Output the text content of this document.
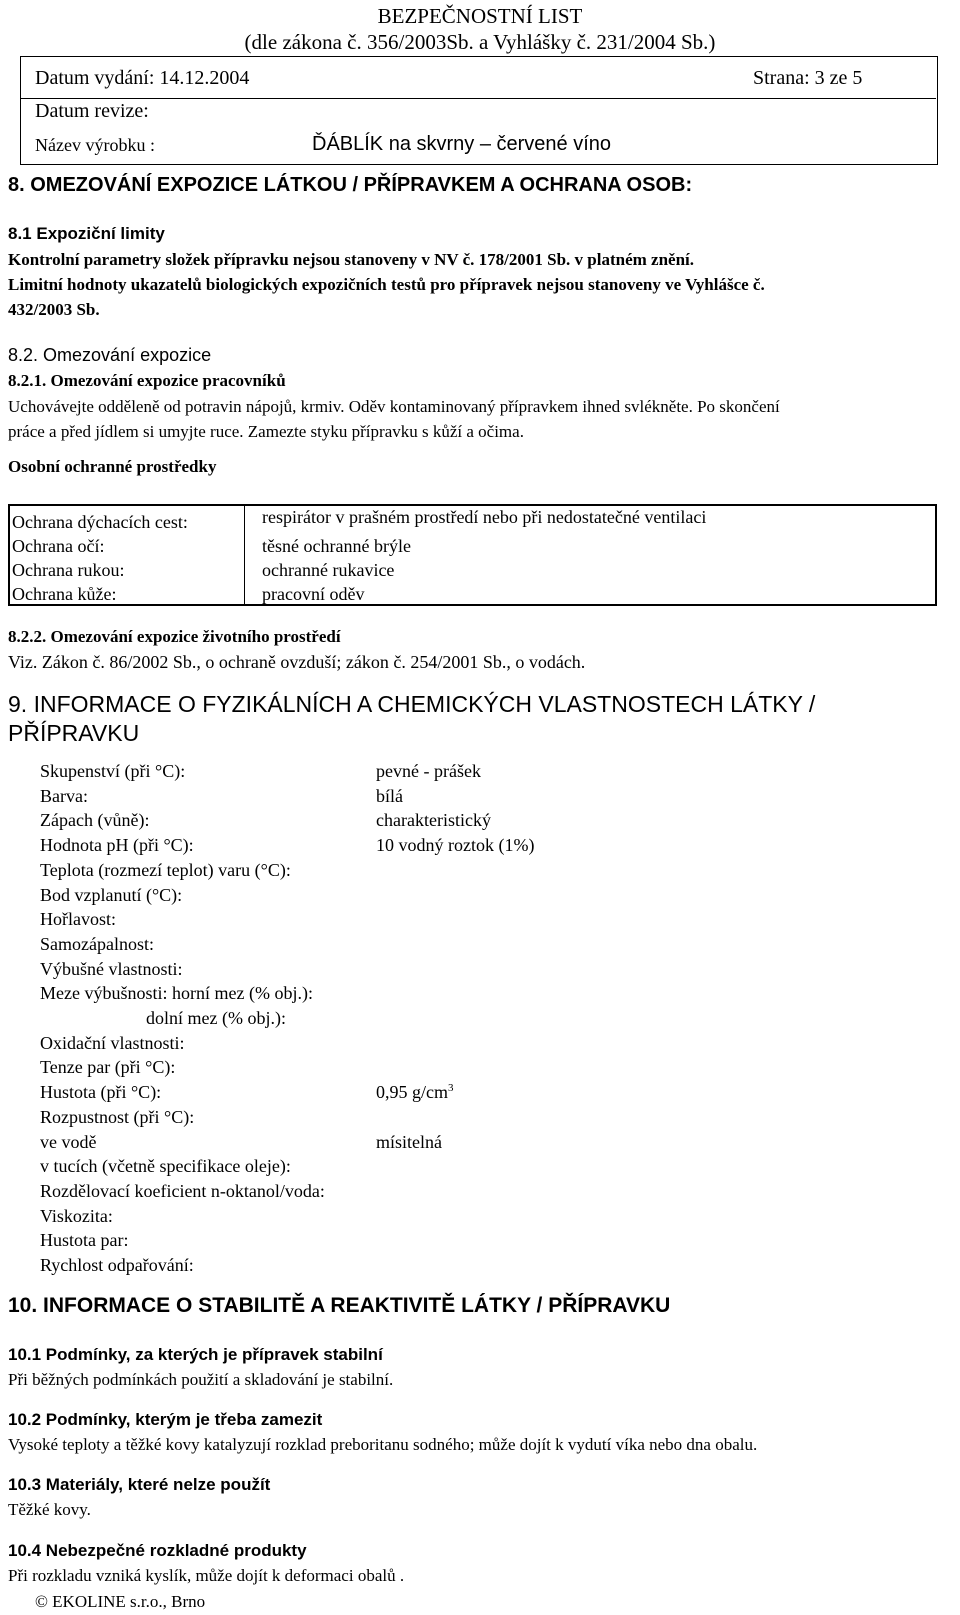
BEZPEČNOSTNÍ LIST
(dle zákona č. 356/2003Sb. a Vyhlášky č. 231/2004 Sb.)
Datum vydání: 14.12.2004	Strana: 3 ze 5
Datum revize:
Název výrobku :	ĎÁBLÍK na skvrny – červené víno
8. OMEZOVÁNÍ EXPOZICE LÁTKOU / PŘÍPRAVKEM A OCHRANA OSOB:
8.1 Expoziční limity
Kontrolní parametry složek přípravku nejsou stanoveny v NV č. 178/2001 Sb. v platném znění.
Limitní hodnoty ukazatelů biologických expozičních testů pro přípravek nejsou stanoveny ve Vyhlášce č.
432/2003 Sb.
8.2. Omezování expozice
8.2.1. Omezování expozice pracovníků
Uchovávejte odděleně od potravin nápojů, krmiv. Oděv kontaminovaný přípravkem ihned svlékněte. Po skončení
práce a před jídlem si umyjte ruce. Zamezte styku přípravku s kůží a očima.
Osobní ochranné prostředky
Ochrana dýchacích cest:	respirátor v prašném prostředí nebo při nedostatečné ventilaci
Ochrana očí:	těsné ochranné brýle
Ochrana rukou:	ochranné rukavice
Ochrana kůže:	pracovní oděv
8.2.2. Omezování expozice životního prostředí
Viz. Zákon č. 86/2002 Sb., o ochraně ovzduší; zákon č. 254/2001 Sb., o vodách.
9. INFORMACE O FYZIKÁLNÍCH A CHEMICKÝCH VLASTNOSTECH LÁTKY /
PŘÍPRAVKU
Skupenství (při °C):	pevné - prášek
Barva:	bílá
Zápach (vůně):	charakteristický
Hodnota pH (při °C):	10 vodný roztok (1%)
Teplota (rozmezí teplot) varu (°C):
Bod vzplanutí (°C):
Hořlavost:
Samozápalnost:
Výbušné vlastnosti:
Meze výbušnosti: horní mez (% obj.):
dolní mez (% obj.):
Oxidační vlastnosti:
Tenze par (při °C):
Hustota (při °C):	0,95 $g/cm^3$
Rozpustnost (při °C):
ve vodě	mísitelná
v tucích (včetně specifikace oleje):
Rozdělovací koeficient n-oktanol/voda:
Viskozita:
Hustota par:
Rychlost odpařování:
10. INFORMACE O STABILITĚ A REAKTIVITĚ LÁTKY / PŘÍPRAVKU
10.1 Podmínky, za kterých je přípravek stabilní
Při běžných podmínkách použití a skladování je stabilní.
10.2 Podmínky, kterým je třeba zamezit
Vysoké teploty a těžké kovy katalyzují rozklad preboritanu sodného; může dojít k vydutí víka nebo dna obalu.
10.3 Materiály, které nelze použít
Těžké kovy.
10.4 Nebezpečné rozkladné produkty
Při rozkladu vzniká kyslík, může dojít k deformaci obalů .
© EKOLINE s.r.o., Brno
